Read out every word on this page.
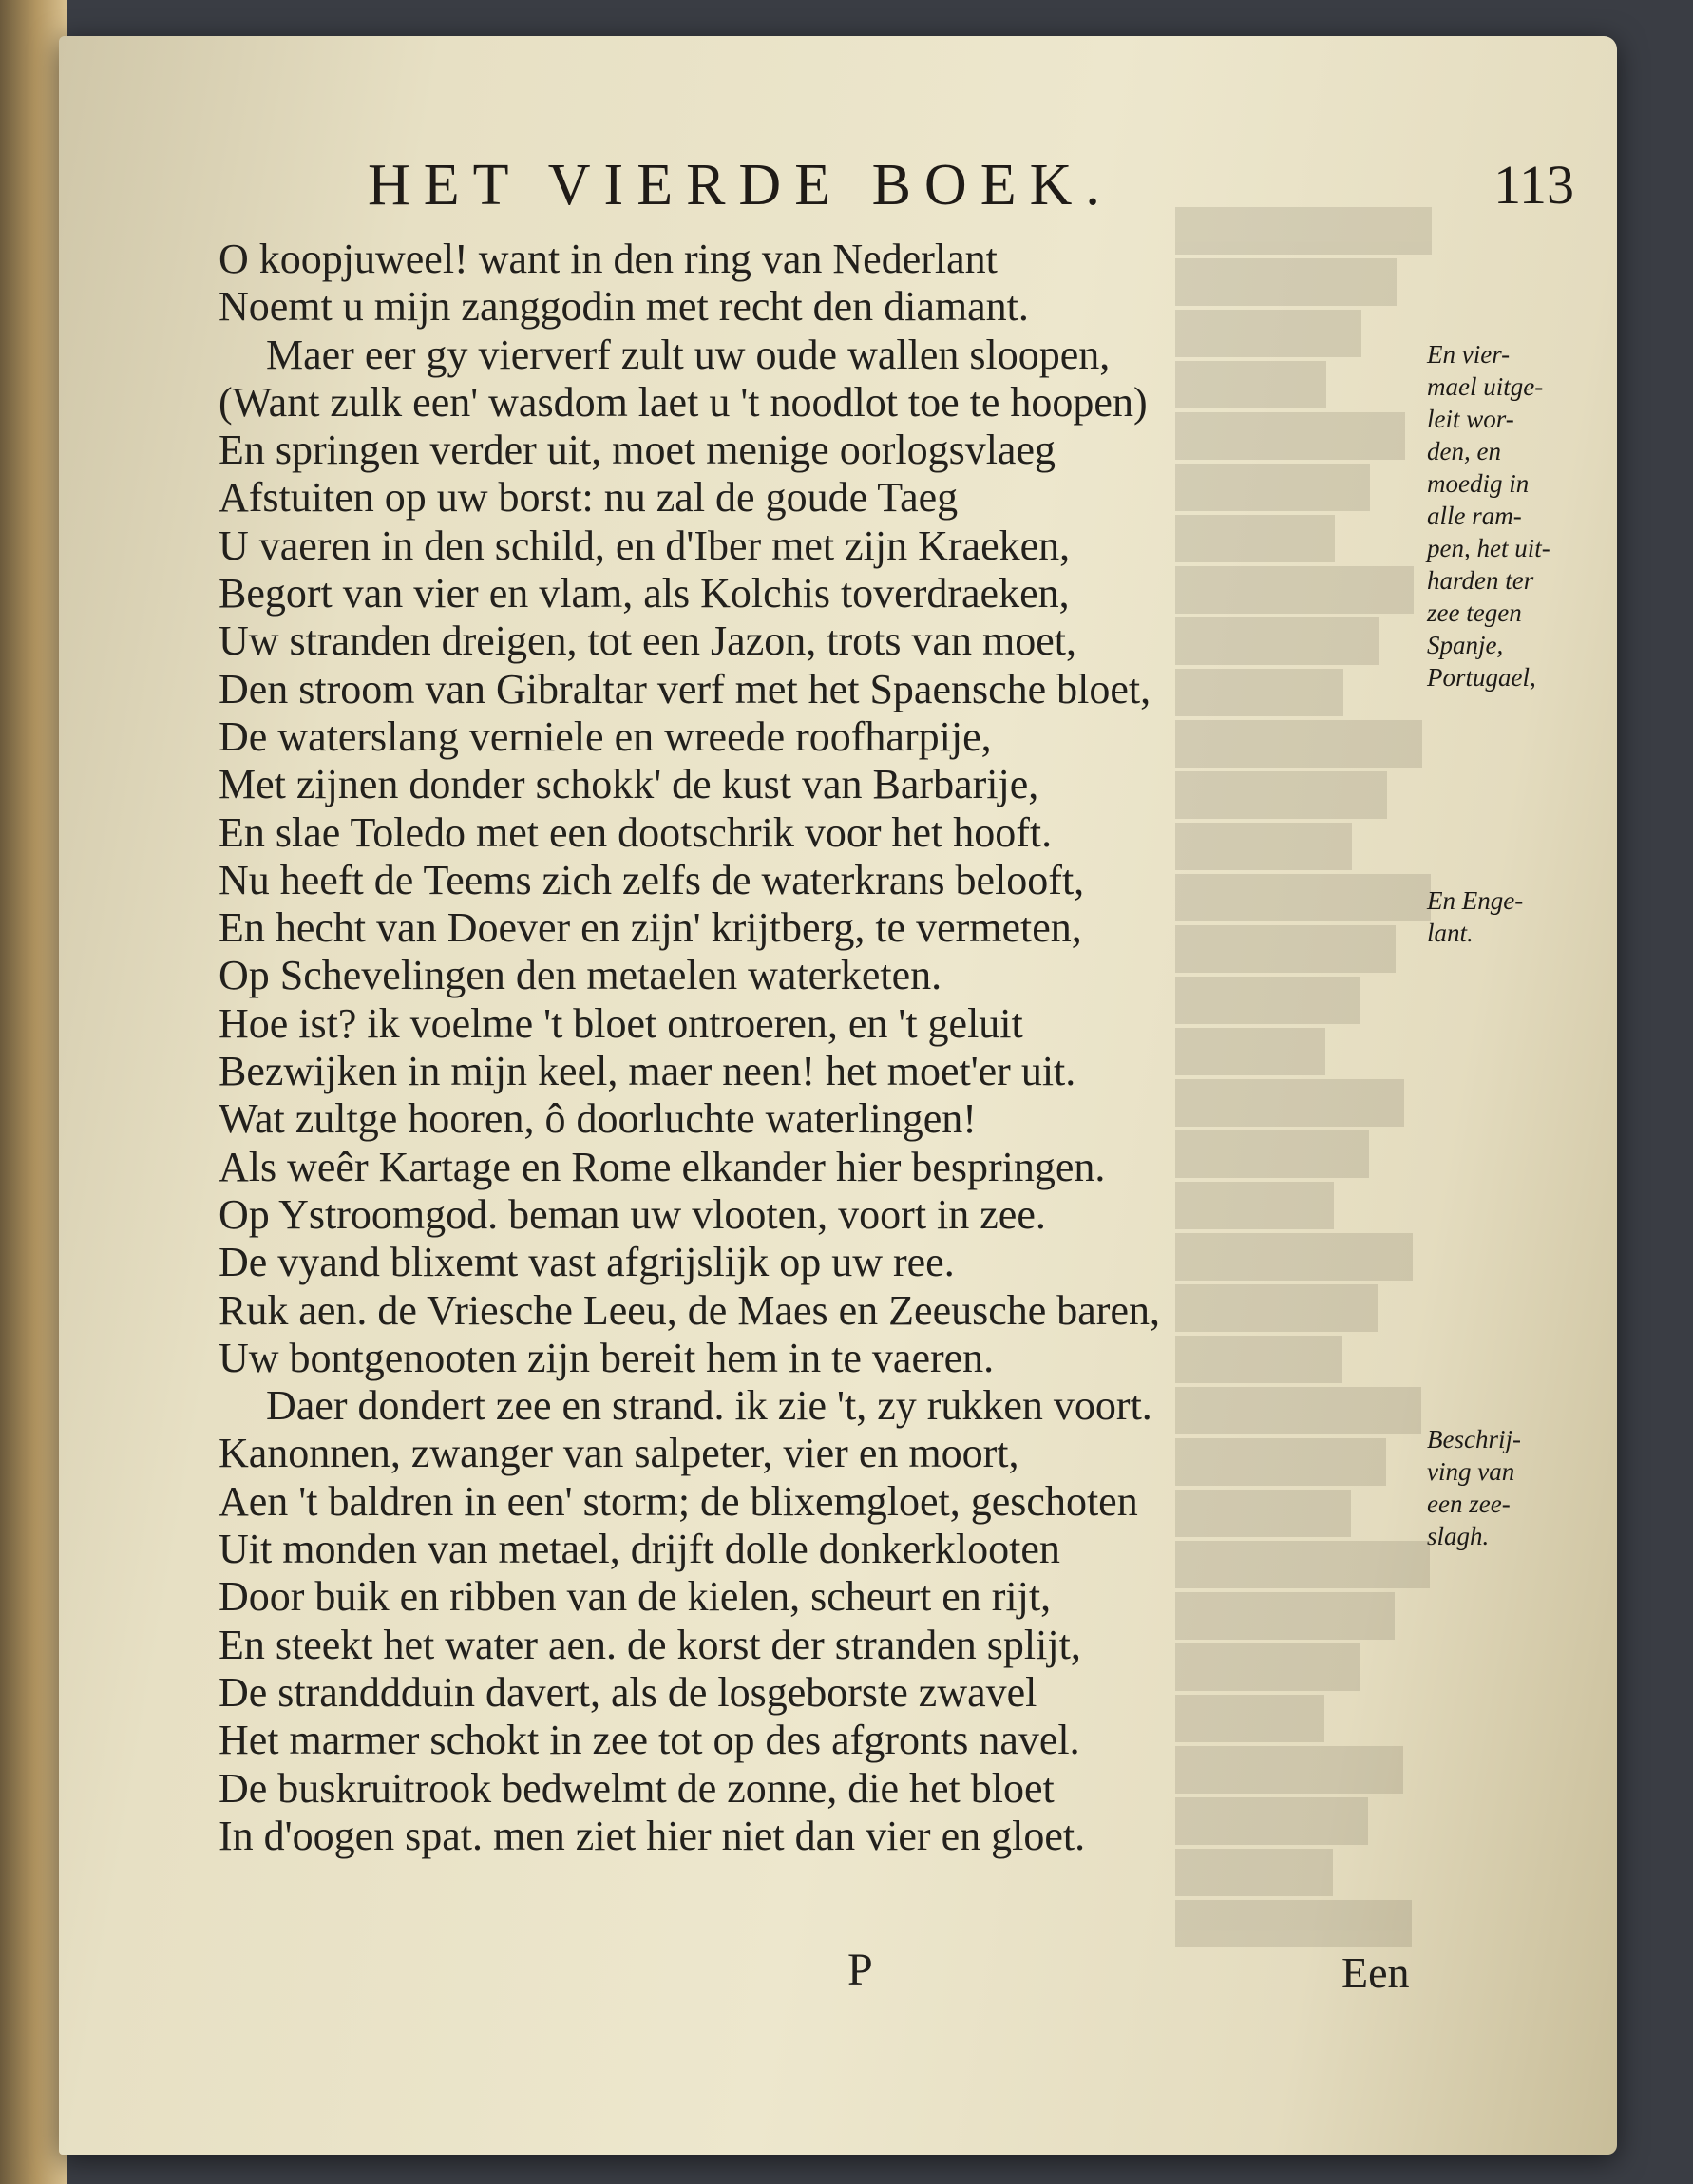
HET VIERDE BOEK.	113
O koopjuweel! want in den ring van Nederlant
Noemt u mijn zanggodin met recht den diamant.
Maer eer gy vierverf zult uw oude wallen sloopen,
(Want zulk een' wasdom laet u 't noodlot toe te hoopen)
En springen verder uit, moet menige oorlogsvlaeg
Afstuiten op uw borst: nu zal de goude Taeg
U vaeren in den schild, en d'Iber met zijn Kraeken,
Begort van vier en vlam, als Kolchis toverdraeken,
Uw stranden dreigen, tot een Jazon, trots van moet,
Den stroom van Gibraltar verf met het Spaensche bloet,
De waterslang verniele en wreede roofharpije,
Met zijnen donder schokk' de kust van Barbarije,
En slae Toledo met een dootschrik voor het hooft.
Nu heeft de Teems zich zelfs de waterkrans belooft,
En hecht van Doever en zijn' krijtberg, te vermeten,
Op Schevelingen den metaelen waterketen.
Hoe ist? ik voelme 't bloet ontroeren, en 't geluit
Bezwijken in mijn keel, maer neen! het moet'er uit.
Wat zultge hooren, ô doorluchte waterlingen!
Als weêr Kartage en Rome elkander hier bespringen.
Op Ystroomgod. beman uw vlooten, voort in zee.
De vyand blixemt vast afgrijslijk op uw ree.
Ruk aen. de Vriesche Leeu, de Maes en Zeeusche baren,
Uw bontgenooten zijn bereit hem in te vaeren.
Daer dondert zee en strand. ik zie 't, zy rukken voort.
Kanonnen, zwanger van salpeter, vier en moort,
Aen 't baldren in een' storm; de blixemgloet, geschoten
Uit monden van metael, drijft dolle donkerklooten
Door buik en ribben van de kielen, scheurt en rijt,
En steekt het water aen. de korst der stranden splijt,
De stranddduin davert, als de losgeborste zwavel
Het marmer schokt in zee tot op des afgronts navel.
De buskruitrook bedwelmt de zonne, die het bloet
In d'oogen spat. men ziet hier niet dan vier en gloet.
En vier-
mael uitge-
leit wor-
den, en
moedig in
alle ram-
pen, het uit-
harden ter
zee tegen
Spanje,
Portugael,
En Enge-
lant.
Beschrij-
ving van
een zee-
slagh.
P	Een
